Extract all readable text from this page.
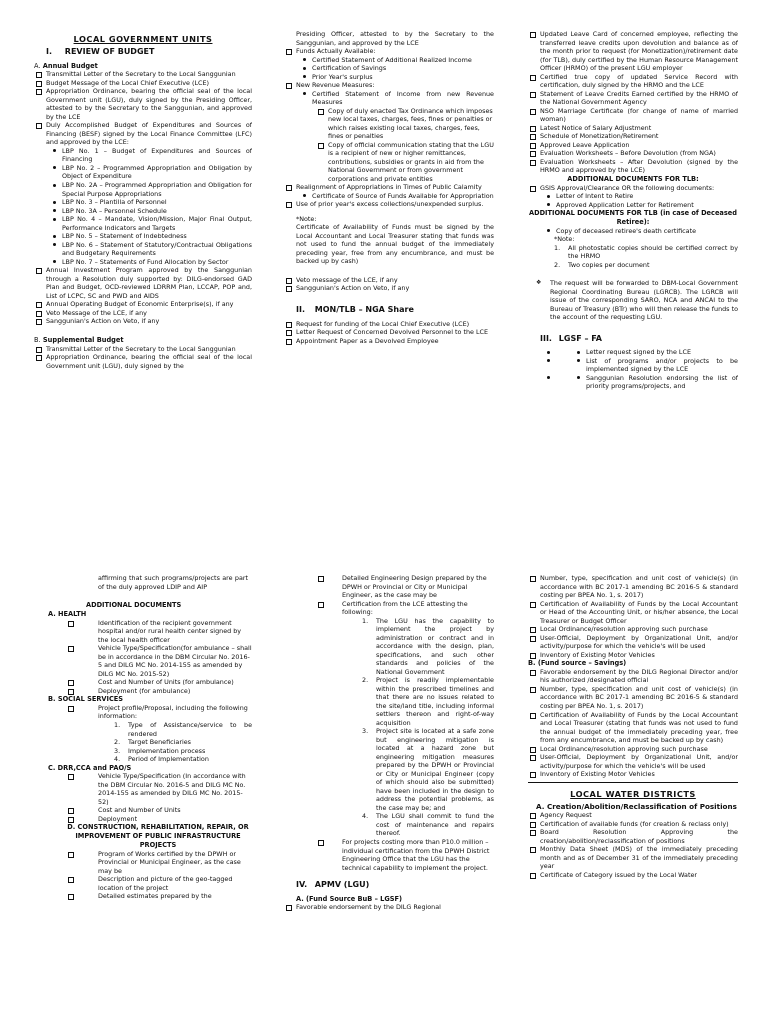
LOCAL GOVERNMENT UNITS
I. REVIEW OF BUDGET
A. Annual Budget
Transmittal Letter of the Secretary to the Local Sanggunian
Budget Message of the Local Chief Executive (LCE)
Appropriation Ordinance, bearing the official seal of the local Government unit (LGU), duly signed by the Presiding Officer, attested to by the Secretary to the Sanggunian, and approved by the LCE
Duly Accomplished Budget of Expenditures and Sources of Financing (BESF) signed by the Local Finance Committee (LFC) and approved by the LCE:
LBP No. 1 – Budget of Expenditures and Sources of Financing
LBP No. 2 – Programmed Appropriation and Obligation by Object of Expenditure
LBP No. 2A – Programmed Appropriation and Obligation for Special Purpose Appropriations
LBP No. 3 – Plantilla of Personnel
LBP No. 3A – Personnel Schedule
LBP No. 4 – Mandate, Vision/Mission, Major Final Output, Performance Indicators and Targets
LBP No. 5 – Statement of Indebtedness
LBP No. 6 – Statement of Statutory/Contractual Obligations and Budgetary Requirements
LBP No. 7 – Statements of Fund Allocation by Sector
Annual Investment Program approved by the Sanggunian through a Resolution duly supported by: DILG-endorsed GAD Plan and Budget, OCD-reviewed LDRRM Plan, LCCAP, POP and, List of LCPC, SC and PWD and AIDS
Annual Operating Budget of Economic Enterprise(s), if any
Veto Message of the LCE, if any
Sanggunian's Action on Veto, if any
B. Supplemental Budget
Transmittal Letter of the Secretary to the Local Sanggunian
Appropriation Ordinance, bearing the official seal of the local Government unit (LGU), duly signed by the
Presiding Officer, attested to by the Secretary to the Sanggunian, and approved by the LCE
Funds Actually Available:
Certified Statement of Additional Realized Income
Certification of Savings
Prior Year's surplus
New Revenue Measures:
Certified Statement of Income from new Revenue Measures
Copy of duly enacted Tax Ordinance which imposes new local taxes, charges, fees, fines or penalties or which raises existing local taxes, charges, fees, fines or penalties
Copy of official communication stating that the LGU is a recipient of new or higher remittances, contributions, subsidies or grants in aid from the National Government or from government corporations and private entities
Realignment of Appropriations in Times of Public Calamity
Certificate of Source of Funds Available for Appropriation
Use of prior year's excess collections/unexpended surplus.
*Note:
Certificate of Availability of Funds must be signed by the Local Accountant and Local Treasurer stating that funds was not used to fund the annual budget of the immediately preceding year, free from any encumbrance, and must be backed up by cash)
Veto message of the LCE, if any
Sanggunian's Action on Veto, if any
II. MON/TLB – NGA Share
Request for funding of the Local Chief Executive (LCE)
Letter Request of Concerned Devolved Personnel to the LCE
Appointment Paper as a Devolved Employee
Updated Leave Card of concerned employee, reflecting the transferred leave credits upon devolution and balance as of the month prior to request (for Monetization)/retirement date (for TLB), duly certified by the Human Resource Management Officer (HRMO) of the present LGU employer
Certified true copy of updated Service Record with certification, duly signed by the HRMO and the LCE
Statement of Leave Credits Earned certified by the HRMO of the National Government Agency
NSO Marriage Certificate (for change of name of married woman)
Latest Notice of Salary Adjustment
Schedule of Monetization/Retirement
Approved Leave Application
Evaluation Worksheets – Before Devolution (from NGA)
Evaluation Worksheets – After Devolution (signed by the HRMO and approved by the LCE)
ADDITIONAL DOCUMENTS FOR TLB:
GSIS Approval/Clearance OR the following documents:
Letter of Intent to Retire
Approved Application Letter for Retirement
ADDITIONAL DOCUMENTS FOR TLB (in case of Deceased Retiree):
Copy of deceased retiree's death certificate
*Note:
1. All photostatic copies should be certified correct by the HRMO
2. Two copies per document
❖ The request will be forwarded to DBM-Local Government Regional Coordinating Bureau (LGRCB). The LGRCB will issue of the corresponding SARO, NCA and ANCAI to the Bureau of Treasury (BTr) who will then release the funds to the account of the requesting LGU.
III. LGSF – FA
Letter request signed by the LCE
List of programs and/or projects to be implemented signed by the LCE
Sanggunian Resolution endorsing the list of priority programs/projects, and
affirming that such programs/projects are part of the duly approved LDIP and AIP
ADDITIONAL DOCUMENTS
A. HEALTH
Identification of the recipient government hospital and/or rural health center signed by the local health officer
Vehicle Type/Specification(for ambulance – shall be in accordance in the DBM Circular No. 2016-5 and DILG MC No. 2014-155 as amended by DILG MC No. 2015-52)
Cost and Number of Units (for ambulance)
Deployment (for ambulance)
B. SOCIAL SERVICES
Project profile/Proposal, including the following information:
1. Type of Assistance/service to be rendered
2. Target Beneficiaries
3. Implementation process
4. Period of Implementation
C. DRR,CCA and PAO/S
Vehicle Type/Specification (In accordance with the DBM Circular No. 2016-5 and DILG MC No. 2014-155 as amended by DILG MC No. 2015-52)
Cost and Number of Units
Deployment
D. CONSTRUCTION, REHABILITATION, REPAIR, OR IMPROVEMENT OF PUBLIC INFRASTRUCTURE PROJECTS
Program of Works certified by the DPWH or Provincial or Municipal Engineer, as the case may be
Description and picture of the geo-tagged location of the project
Detailed estimates prepared by the
Detailed Engineering Design prepared by the DPWH or Provincial or City or Municipal Engineer, as the case may be
Certification from the LCE attesting the following:
1. The LGU has the capability to implement the project by administration or contract and in accordance with the design, plan, specifications, and such other standards and policies of the National Government
2. Project is readily implementable within the prescribed timelines and that there are no issues related to the site/land title, including informal settlers thereon and right-of-way acquisition
3. Project site is located at a safe zone but engineering mitigation is located at a hazard zone but engineering mitigation measures prepared by the DPWH or Provincial or City or Municipal Engineer (copy of which should also be submitted) have been included in the design to address the potential problems, as the case may be; and
4. The LGU shall commit to fund the cost of maintenance and repairs thereof.
For projects costing more than P10.0 million – individual certification from the DPWH District Engineering Office that the LGU has the technical capability to implement the project.
IV. APMV (LGU)
A. (Fund Source BuB – LGSF)
Favorable endorsement by the DILG Regional
Number, type, specification and unit cost of vehicle(s) (in accordance with BC 2017-1 amending BC 2016-5 & standard costing per BPEA No. 1, s. 2017)
Certification of Availability of Funds by the Local Accountant or Head of the Accounting Unit, or his/her absence, the Local Treasurer or Budget Officer
Local Ordinance/resolution approving such purchase
User-Official, Deployment by Organizational Unit, and/or activity/purpose for which the vehicle's will be used
Inventory of Existing Motor Vehicles
B. (Fund source – Savings)
Favorable endorsement by the DILG Regional Director and/or his authorized /designated official
Number, type, specification and unit cost of vehicle(s) (in accordance with BC 2017-1 amending BC 2016-5 & standard costing per BPEA No. 1, s. 2017)
Certification of Availability of Funds by the Local Accountant and Local Treasurer (stating that funds was not used to fund the annual budget of the immediately preceding year, free from any encumbrance, and must be backed up by cash)
Local Ordinance/resolution approving such purchase
User-Official, Deployment by Organizational Unit, and/or activity/purpose for which the vehicle's will be used
Inventory of Existing Motor Vehicles
LOCAL WATER DISTRICTS
A. Creation/Abolition/Reclassification of Positions
Agency Request
Certification of available funds (for creation & reclass only)
Board Resolution Approving the creation/abolition/reclassification of positions
Monthly Data Sheet (MDS) of the immediately preceding month and as of December 31 of the immediately preceding year
Certificate of Category issued by the Local Water
